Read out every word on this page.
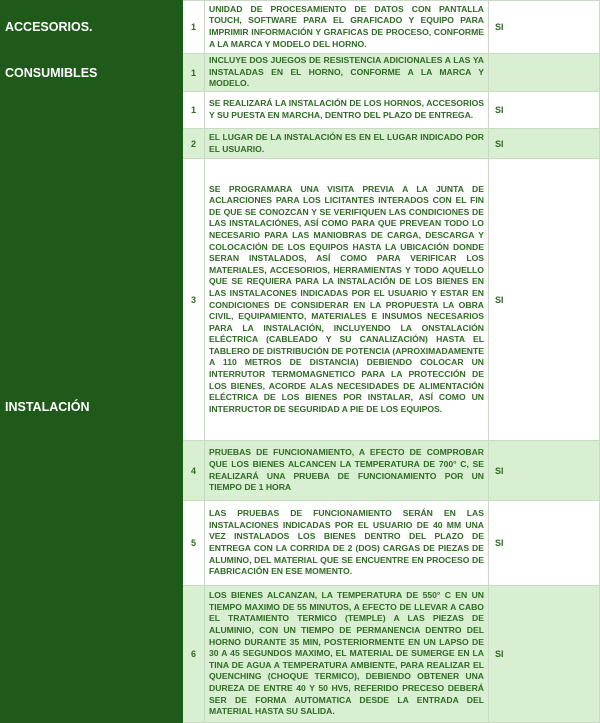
ACCESORIOS.	1	UNIDAD DE PROCESAMIENTO DE DATOS CON PANTALLA TOUCH, SOFTWARE PARA EL GRAFICADO Y EQUIPO PARA IMPRIMIR INFORMACIÓN Y GRAFICAS DE PROCESO, CONFORME A LA MARCA Y MODELO DEL HORNO.	SI
CONSUMIBLES	1	INCLUYE DOS JUEGOS DE RESISTENCIA ADICIONALES A LAS YA INSTALADAS EN EL HORNO, CONFORME A LA MARCA Y MODELO.	
INSTALACIÓN	1	SE REALIZARÁ LA INSTALACIÓN DE LOS HORNOS, ACCESORIOS Y SU PUESTA EN MARCHA, DENTRO DEL PLAZO DE ENTREGA.	SI
	2	EL LUGAR DE LA INSTALACIÓN ES EN EL LUGAR INDICADO POR EL USUARIO.	SI
	3	SE PROGRAMARA UNA VISITA PREVIA A LA JUNTA DE ACLARCIONES PARA LOS LICITANTES INTERADOS CON EL FIN DE QUE SE CONOZCAN Y SE VERIFIQUEN LAS CONDICIONES DE LAS INSTALACIÓNES, ASÍ COMO PARA QUE PREVEAN TODO LO NECESARIO PARA LAS MANIOBRAS DE CARGA, DESCARGA Y COLOCACIÓN DE LOS EQUIPOS HASTA LA UBICACIÓN DONDE SERAN INSTALADOS, ASÍ COMO PARA VERIFICAR LOS MATERIALES, ACCESORIOS, HERRAMIENTAS Y TODO AQUELLO QUE SE REQUIERA PARA LA INSTALACIÓN DE LOS BIENES EN LAS INSTALACONES INDICADAS POR EL USUARIO Y ESTAR EN CONDICIONES DE CONSIDERAR EN LA PROPUESTA LA OBRA CIVIL, EQUIPAMIENTO, MATERIALES E INSUMOS NECESARIOS PARA LA INSTALACIÓN, INCLUYENDO LA ONSTALACIÓN ELÉCTRICA (CABLEADO Y SU CANALIZACIÓN) HASTA EL TABLERO DE DISTRIBUCIÓN DE POTENCIA (APROXIMADAMENTE A 110 METROS DE DISTANCIA) DEBIENDO COLOCAR UN INTERRUTOR TERMOMAGNETICO PARA LA PROTECCIÓN DE LOS BIENES, ACORDE ALAS NECESIDADES DE ALIMENTACIÓN ELÉCTRICA DE LOS BIENES POR INSTALAR, ASÍ COMO UN INTERRUCTOR DE SEGURIDAD A PIE DE LOS EQUIPOS.	SI
	4	PRUEBAS DE FUNCIONAMIENTO, A EFECTO DE COMPROBAR QUE LOS BIENES ALCANCEN LA TEMPERATURA DE 700° C, SE REALIZARÁ UNA PRUEBA DE FUNCIONAMIENTO POR UN TIEMPO DE 1 HORA	SI
	5	LAS PRUEBAS DE FUNCIONAMIENTO SERÁN EN LAS INSTALACIONES INDICADAS POR EL USUARIO DE 40 MM UNA VEZ INSTALADOS LOS BIENES DENTRO DEL PLAZO DE ENTREGA CON LA CORRIDA DE 2 (DOS) CARGAS DE PIEZAS DE ALUMINO, DEL MATERIAL QUE SE ENCUENTRE EN PROCESO DE FABRICACIÓN EN ESE MOMENTO.	SI
	6	LOS BIENES ALCANZAN, LA TEMPERATURA DE 550° C EN UN TIEMPO MAXIMO DE 55 MINUTOS, A EFECTO DE LLEVAR A CABO EL TRATAMIENTO TERMICO (TEMPLE) A LAS PIEZAS DE ALUMINIO, CON UN TIEMPO DE PERMANENCIA DENTRO DEL HORNO DURANTE 35 MIN, POSTERIORMENTE EN UN LAPSO DE 30 A 45 SEGUNDOS MAXIMO, EL MATERIAL DE SUMERGE EN LA TINA DE AGUA A TEMPERATURA AMBIENTE, PARA REALIZAR EL QUENCHING (CHOQUE TERMICO), DEBIENDO OBTENER UNA DUREZA DE ENTRE 40 Y 50 HV5, REFERIDO PRECESO DEBERÁ SER DE FORMA AUTOMATICA DESDE LA ENTRADA DEL MATERIAL HASTA SU SALIDA.	SI
